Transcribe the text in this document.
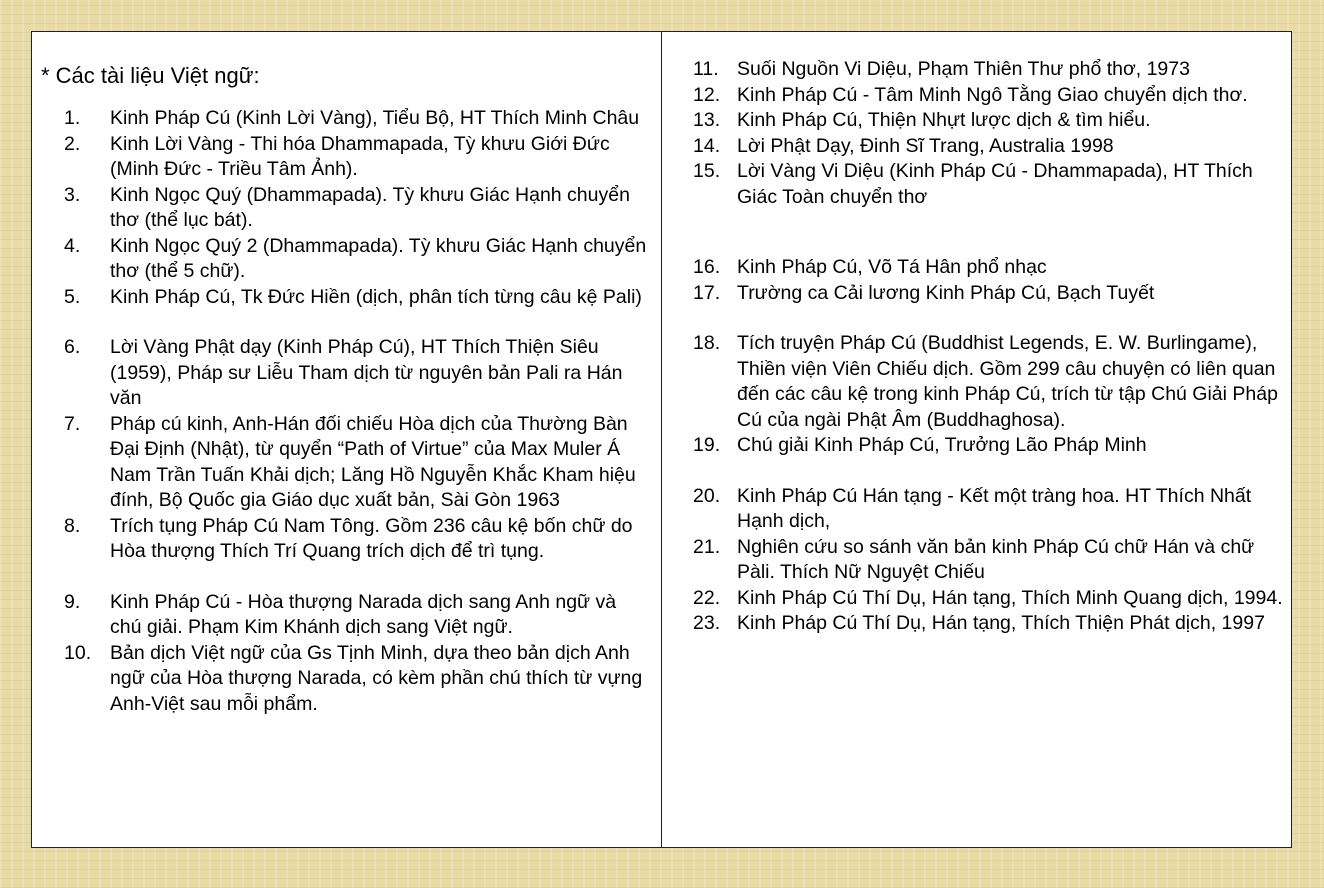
* Các tài liệu Việt ngữ:
1.	Kinh Pháp Cú (Kinh Lời Vàng), Tiểu Bộ, HT Thích Minh Châu
2.	Kinh Lời Vàng - Thi hóa Dhammapada, Tỳ khưu Giới Đức (Minh Đức - Triều Tâm Ảnh).
3.	Kinh Ngọc Quý (Dhammapada). Tỳ khưu Giác Hạnh chuyển thơ (thể lục bát).
4.	Kinh Ngọc Quý 2 (Dhammapada). Tỳ khưu Giác Hạnh chuyển thơ (thể 5 chữ).
5.	Kinh Pháp Cú, Tk Đức Hiền (dịch, phân tích từng câu kệ Pali)
6.	Lời Vàng Phật dạy (Kinh Pháp Cú), HT Thích Thiện Siêu (1959), Pháp sư Liễu Tham dịch từ nguyên bản Pali ra Hán văn
7.	Pháp cú kinh, Anh-Hán đối chiếu Hòa dịch của Thường Bàn Đại Định (Nhật), từ quyển “Path of Virtue” của Max Muler Á Nam Trần Tuấn Khải dịch; Lăng Hồ Nguyễn Khắc Kham hiệu đính, Bộ Quốc gia Giáo dục xuất bản, Sài Gòn 1963
8.	Trích tụng Pháp Cú Nam Tông. Gồm 236 câu kệ bốn chữ do Hòa thượng Thích Trí Quang trích dịch để trì tụng.
9.	Kinh Pháp Cú - Hòa thượng Narada dịch sang Anh ngữ và chú giải. Phạm Kim Khánh dịch sang Việt ngữ.
10. Bản dịch Việt ngữ của Gs Tịnh Minh, dựa theo bản dịch Anh ngữ của Hòa thượng Narada, có kèm phần chú thích từ vựng Anh-Việt sau mỗi phẩm.
11. Suối Nguồn Vi Diệu, Phạm Thiên Thư phổ thơ, 1973
12. Kinh Pháp Cú - Tâm Minh Ngô Tằng Giao chuyển dịch thơ.
13. Kinh Pháp Cú, Thiện Nhựt lược dịch & tìm hiểu.
14. Lời Phật Dạy, Đinh Sĩ Trang, Australia 1998
15. Lời Vàng Vi Diệu (Kinh Pháp Cú - Dhammapada), HT Thích Giác Toàn chuyển thơ
16. Kinh Pháp Cú, Võ Tá Hân phổ nhạc
17. Trường ca Cải lương Kinh Pháp Cú, Bạch Tuyết
18. Tích truyện Pháp Cú (Buddhist Legends, E. W. Burlingame), Thiền viện Viên Chiếu dịch. Gồm 299 câu chuyện có liên quan đến các câu kệ trong kinh Pháp Cú, trích từ tập Chú Giải Pháp Cú của ngài Phật Âm (Buddhaghosa).
19. Chú giải Kinh Pháp Cú, Trưởng Lão Pháp Minh
20. Kinh Pháp Cú Hán tạng - Kết một tràng hoa. HT Thích Nhất Hạnh dịch,
21. Nghiên cứu so sánh văn bản kinh Pháp Cú chữ Hán và chữ Pàli. Thích Nữ Nguyệt Chiếu
22. Kinh Pháp Cú Thí Dụ, Hán tạng, Thích Minh Quang dịch, 1994.
23. Kinh Pháp Cú Thí Dụ, Hán tạng, Thích Thiện Phát dịch, 1997
